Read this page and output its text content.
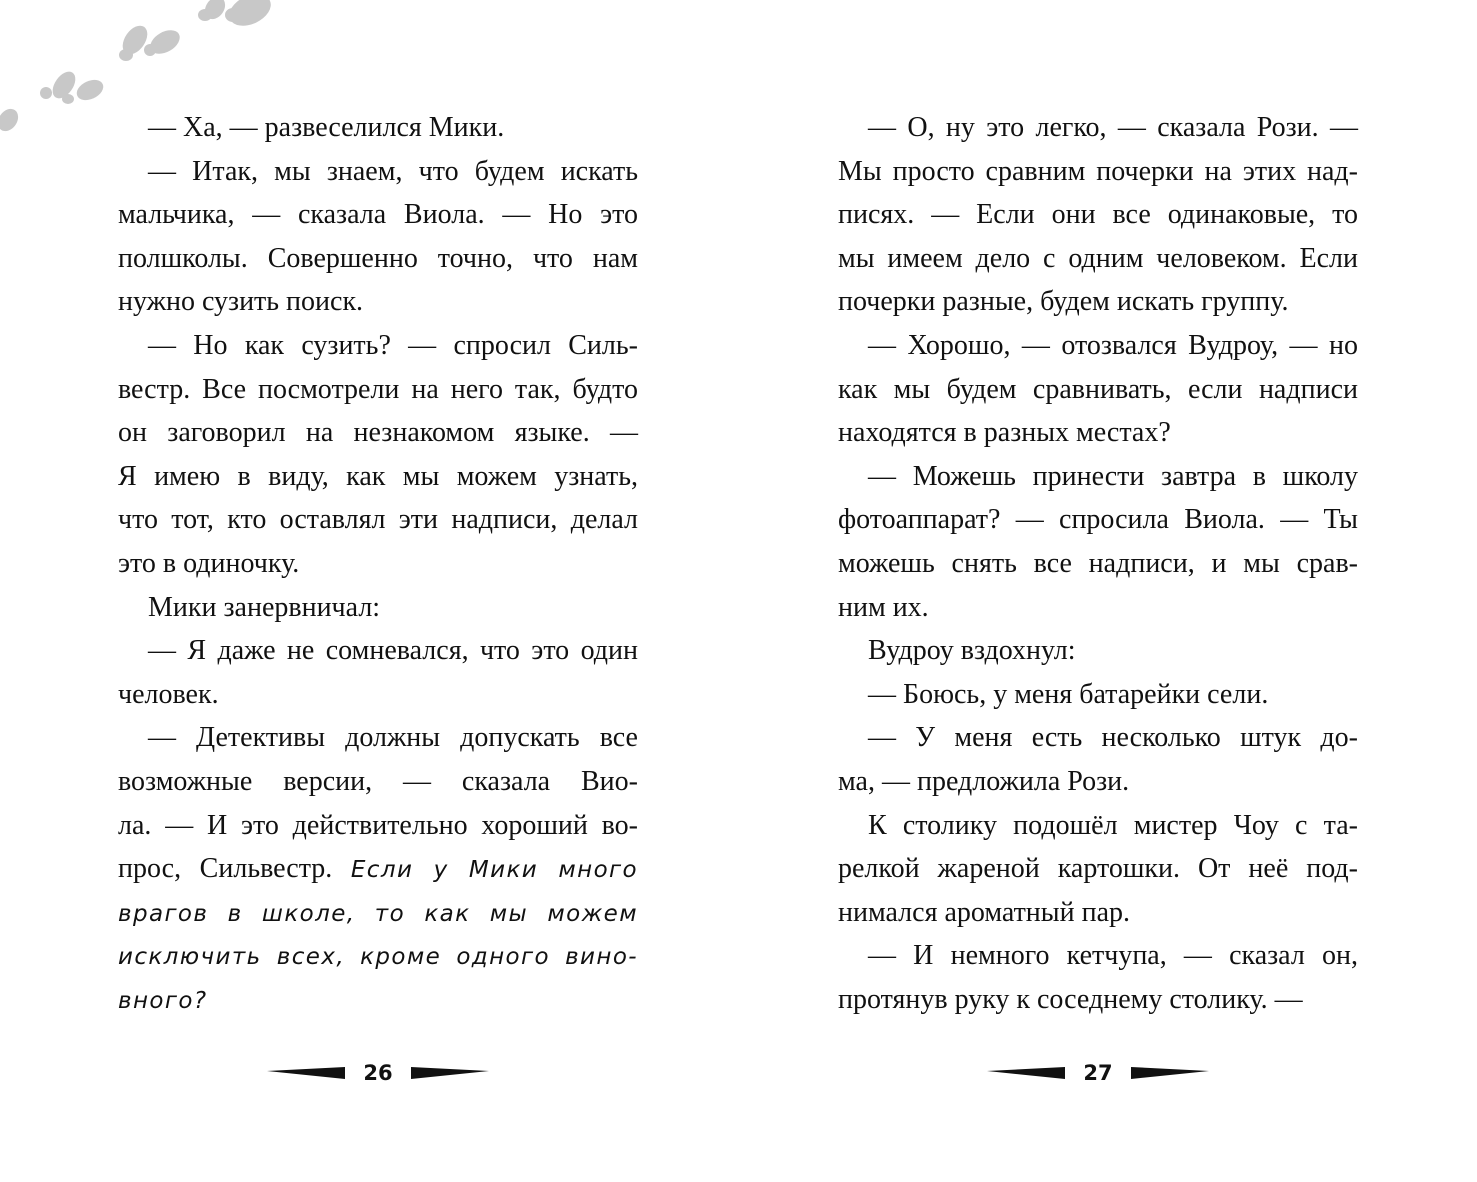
— Ха, — развеселился Мики.
— Итак, мы знаем, что будем искать
мальчика, — сказала Виола. — Но это
полшколы. Совершенно точно, что нам
нужно сузить поиск.
— Но как сузить? — спросил Силь-
вестр. Все посмотрели на него так, будто
он заговорил на незнакомом языке. —
Я имею в виду, как мы можем узнать,
что тот, кто оставлял эти надписи, делал
это в одиночку.
Мики занервничал:
— Я даже не сомневался, что это один
человек.
— Детективы должны допускать все
возможные версии, — сказала Вио-
ла. — И это действительно хороший во-
прос, Сильвестр. Если у Мики много
врагов в школе, то как мы можем
исключить всех, кроме одного вино-
вного?
— О, ну это легко, — сказала Рози. —
Мы просто сравним почерки на этих над-
писях. — Если они все одинаковые, то
мы имеем дело с одним человеком. Если
почерки разные, будем искать группу.
— Хорошо, — отозвался Вудроу, — но
как мы будем сравнивать, если надписи
находятся в разных местах?
— Можешь принести завтра в школу
фотоаппарат? — спросила Виола. — Ты
можешь снять все надписи, и мы срав-
ним их.
Вудроу вздохнул:
— Боюсь, у меня батарейки сели.
— У меня есть несколько штук до-
ма, — предложила Рози.
К столику подошёл мистер Чоу с та-
релкой жареной картошки. От неё под-
нимался ароматный пар.
— И немного кетчупа, — сказал он,
протянув руку к соседнему столику. —
26	27
